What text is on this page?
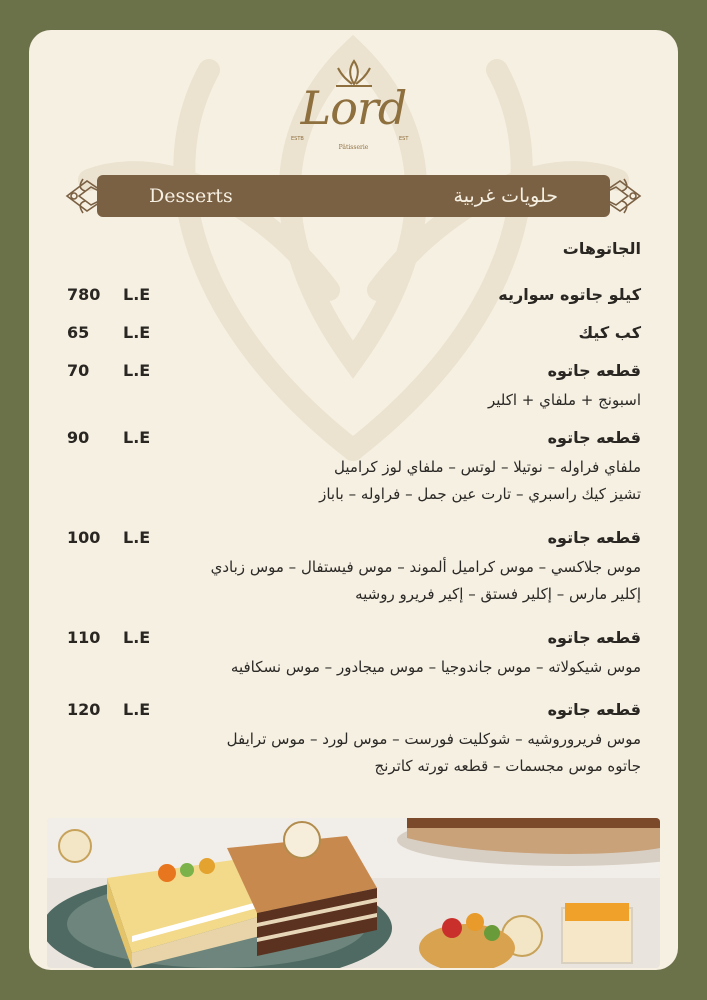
Lord
ESTB	EST
Pâtisserie
Desserts	حلويات غربية
الجاتوهات
780 L.E	كيلو جاتوه سواريه
65 L.E	كب كيك
70 L.E	قطعه جاتوه
اسبونج + ملفاي + اكلير
90 L.E	قطعه جاتوه
ملفاي فراوله – نوتيلا – لوتس – ملفاي لوز كراميل
تشيز كيك راسبري – تارت عين جمل – فراوله – باباز
100 L.E	قطعه جاتوه
موس جلاكسي – موس كراميل ألموند – موس فيستفال – موس زبادي
إكلير مارس – إكلير فستق – إكير فريرو روشيه
110 L.E	قطعه جاتوه
موس شيكولاته – موس جاندوجيا – موس ميجادور – موس نسكافيه
120 L.E	قطعه جاتوه
موس فريروروشيه – شوكليت فورست – موس لورد – موس ترايفل
جاتوه موس مجسمات – قطعه تورته كاترنج
